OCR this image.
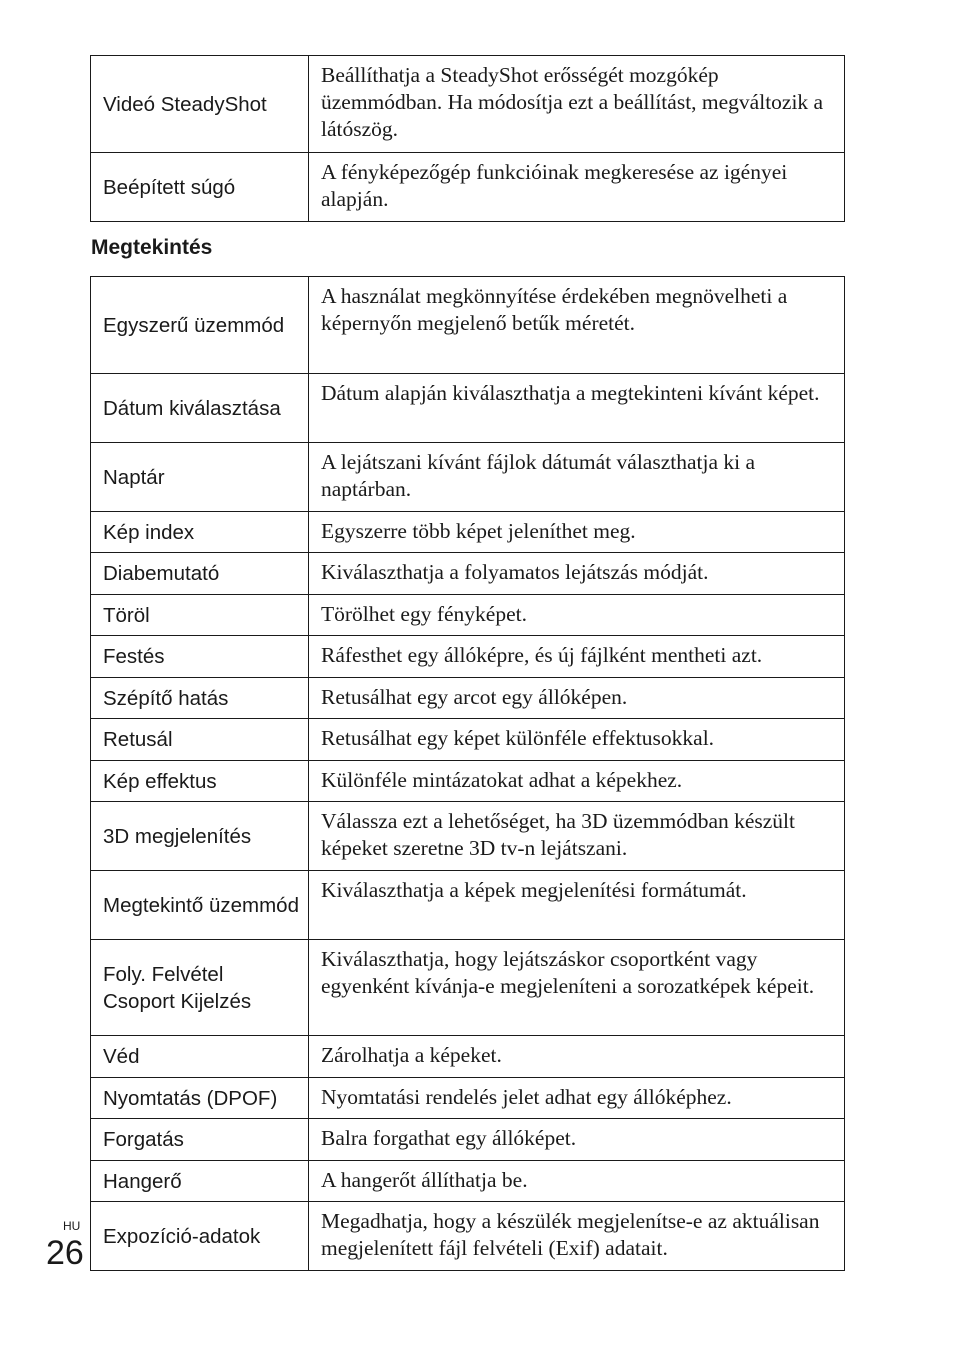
Videó SteadyShot	Beállíthatja a SteadyShot erősségét mozgókép üzemmódban. Ha módosítja ezt a beállítást, megváltozik a látószög.
Beépített súgó	A fényképezőgép funkcióinak megkeresése az igényei alapján.
Megtekintés
Egyszerű üzemmód	A használat megkönnyítése érdekében megnövelheti a képernyőn megjelenő betűk méretét.
Dátum kiválasztása	Dátum alapján kiválaszthatja a megtekinteni kívánt képet.
Naptár	A lejátszani kívánt fájlok dátumát választhatja ki a naptárban.
Kép index	Egyszerre több képet jeleníthet meg.
Diabemutató	Kiválaszthatja a folyamatos lejátszás módját.
Töröl	Törölhet egy fényképet.
Festés	Ráfesthet egy állóképre, és új fájlként mentheti azt.
Szépítő hatás	Retusálhat egy arcot egy állóképen.
Retusál	Retusálhat egy képet különféle effektusokkal.
Kép effektus	Különféle mintázatokat adhat a képekhez.
3D megjelenítés	Válassza ezt a lehetőséget, ha 3D üzemmódban készült képeket szeretne 3D tv-n lejátszani.
Megtekintő üzemmód	Kiválaszthatja a képek megjelenítési formátumát.
Foly. Felvétel Csoport Kijelzés	Kiválaszthatja, hogy lejátszáskor csoportként vagy egyenként kívánja-e megjeleníteni a sorozatképek képeit.
Véd	Zárolhatja a képeket.
Nyomtatás (DPOF)	Nyomtatási rendelés jelet adhat egy állóképhez.
Forgatás	Balra forgathat egy állóképet.
Hangerő	A hangerőt állíthatja be.
Expozíció-adatok	Megadhatja, hogy a készülék megjelenítse-e az aktuálisan megjelenített fájl felvételi (Exif) adatait.
HU
26
